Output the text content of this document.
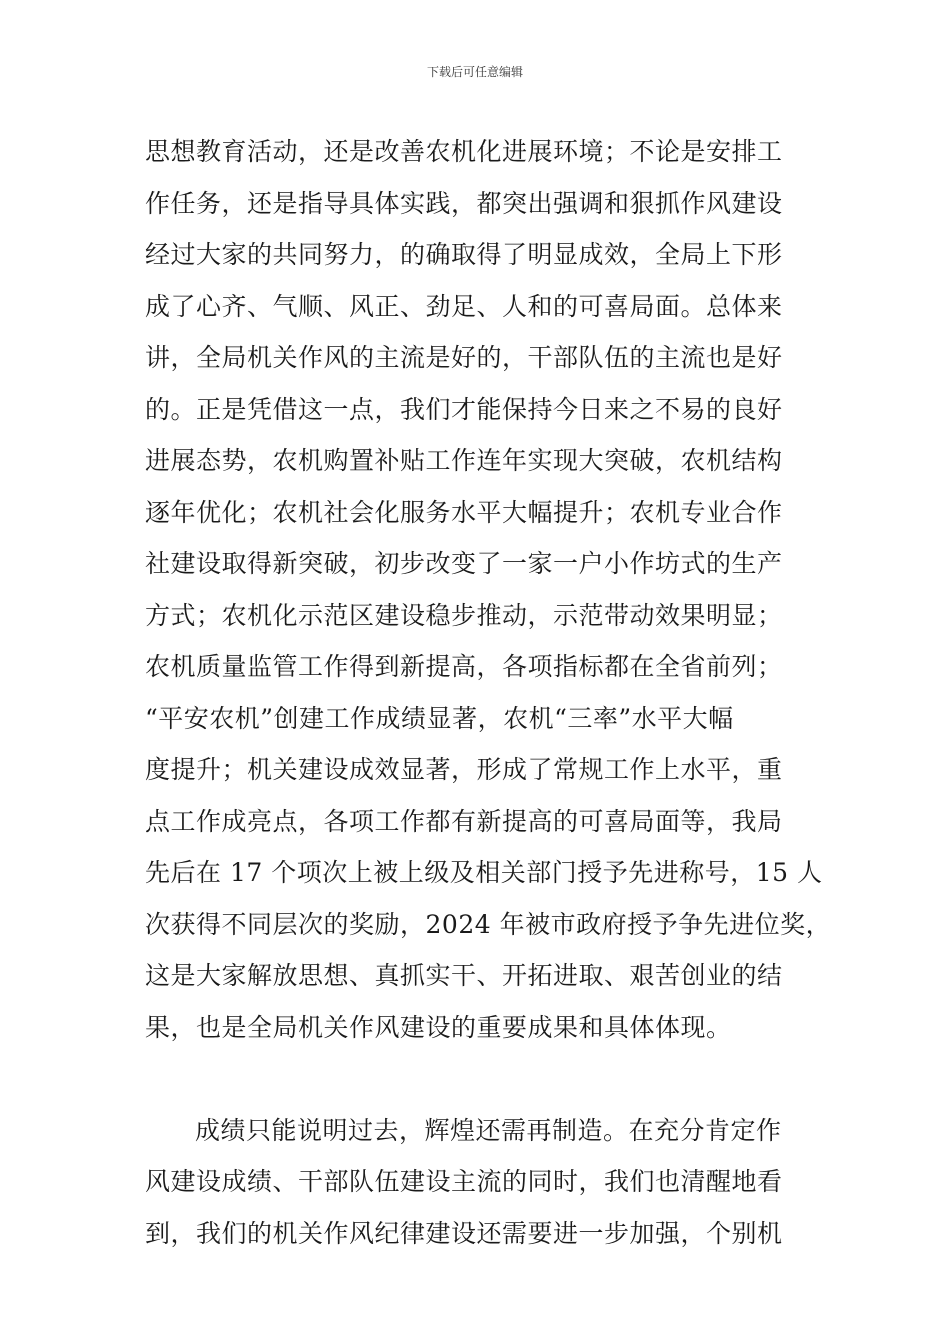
下载后可任意编辑
思想教育活动，还是改善农机化进展环境；不论是安排工
作任务，还是指导具体实践，都突出强调和狠抓作风建设
经过大家的共同努力，的确取得了明显成效，全局上下形
成了心齐、气顺、风正、劲足、人和的可喜局面。总体来
讲，全局机关作风的主流是好的，干部队伍的主流也是好
的。正是凭借这一点，我们才能保持今日来之不易的良好
进展态势，农机购置补贴工作连年实现大突破，农机结构
逐年优化；农机社会化服务水平大幅提升；农机专业合作
社建设取得新突破，初步改变了一家一户小作坊式的生产
方式；农机化示范区建设稳步推动，示范带动效果明显；
农机质量监管工作得到新提高，各项指标都在全省前列；
“平安农机”创建工作成绩显著，农机“三率”水平大幅
度提升；机关建设成效显著，形成了常规工作上水平，重
点工作成亮点，各项工作都有新提高的可喜局面等，我局
先后在 17 个项次上被上级及相关部门授予先进称号，15 人
次获得不同层次的奖励，2024 年被市政府授予争先进位奖，
这是大家解放思想、真抓实干、开拓进取、艰苦创业的结
果，也是全局机关作风建设的重要成果和具体体现。
成绩只能说明过去，辉煌还需再制造。在充分肯定作
风建设成绩、干部队伍建设主流的同时，我们也清醒地看
到，我们的机关作风纪律建设还需要进一步加强，个别机
